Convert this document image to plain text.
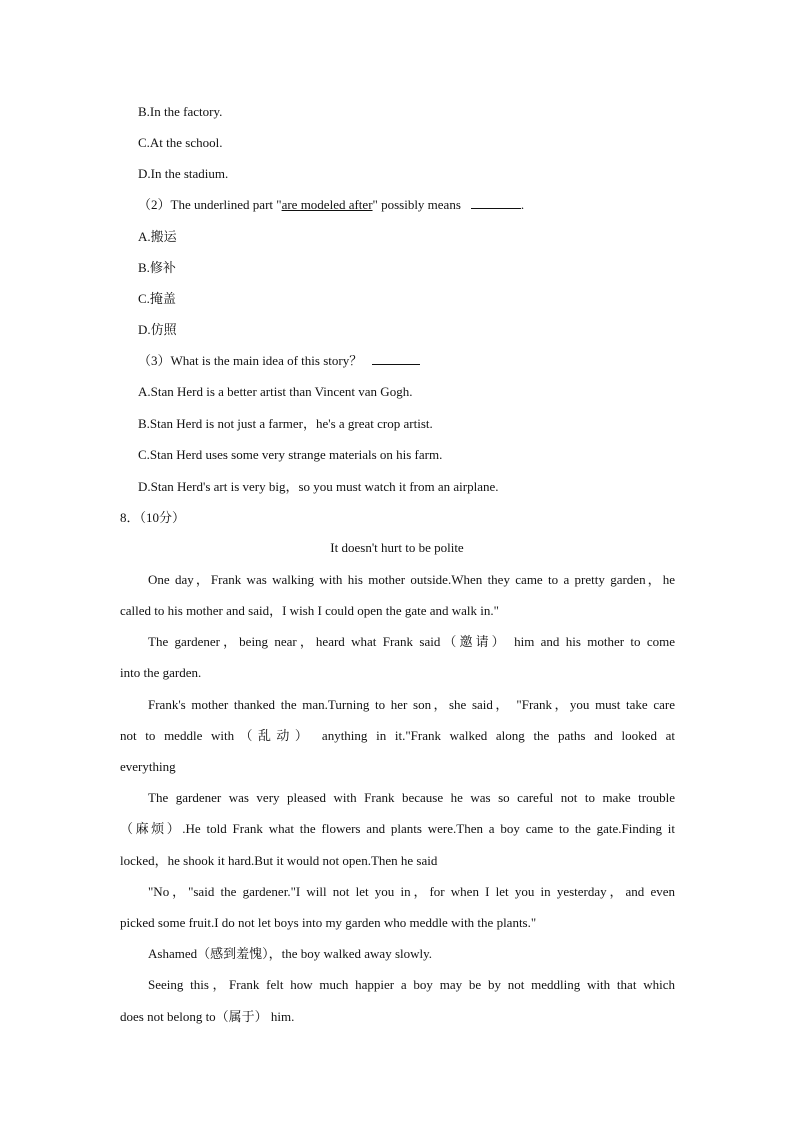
B.In the factory.
C.At the school.
D.In the stadium.
（2）The underlined part "are modeled after" possibly means	.
A.搬运
B.修补
C.掩盖
D.仿照
（3）What is the main idea of this story？
A.Stan Herd is a better artist than Vincent van Gogh.
B.Stan Herd is not just a farmer，he's a great crop artist.
C.Stan Herd uses some very strange materials on his farm.
D.Stan Herd's art is very big，so you must watch it from an airplane.
8．（10分）
It doesn't hurt to be polite
One day，Frank was walking with his mother outside.When they came to a pretty garden，he
called to his mother and said，I wish I could open the gate and walk in."
The gardener，being near，heard what Frank said（邀请） him and his mother to come
into the garden.
Frank's mother thanked the man.Turning to her son，she said， "Frank，you must take care
not to meddle with（乱动） anything in it."Frank walked along the paths and looked at
everything
The gardener was very pleased with Frank because he was so careful not to make trouble
（麻烦）.He told Frank what the flowers and plants were.Then a boy came to the gate.Finding it
locked，he shook it hard.But it would not open.Then he said
"No，"said the gardener."I will not let you in，for when I let you in yesterday，and even
picked some fruit.I do not let boys into my garden who meddle with the plants."
Ashamed（感到羞愧），the boy walked away slowly.
Seeing this，Frank felt how much happier a boy may be by not meddling with that which
does not belong to（属于） him.
